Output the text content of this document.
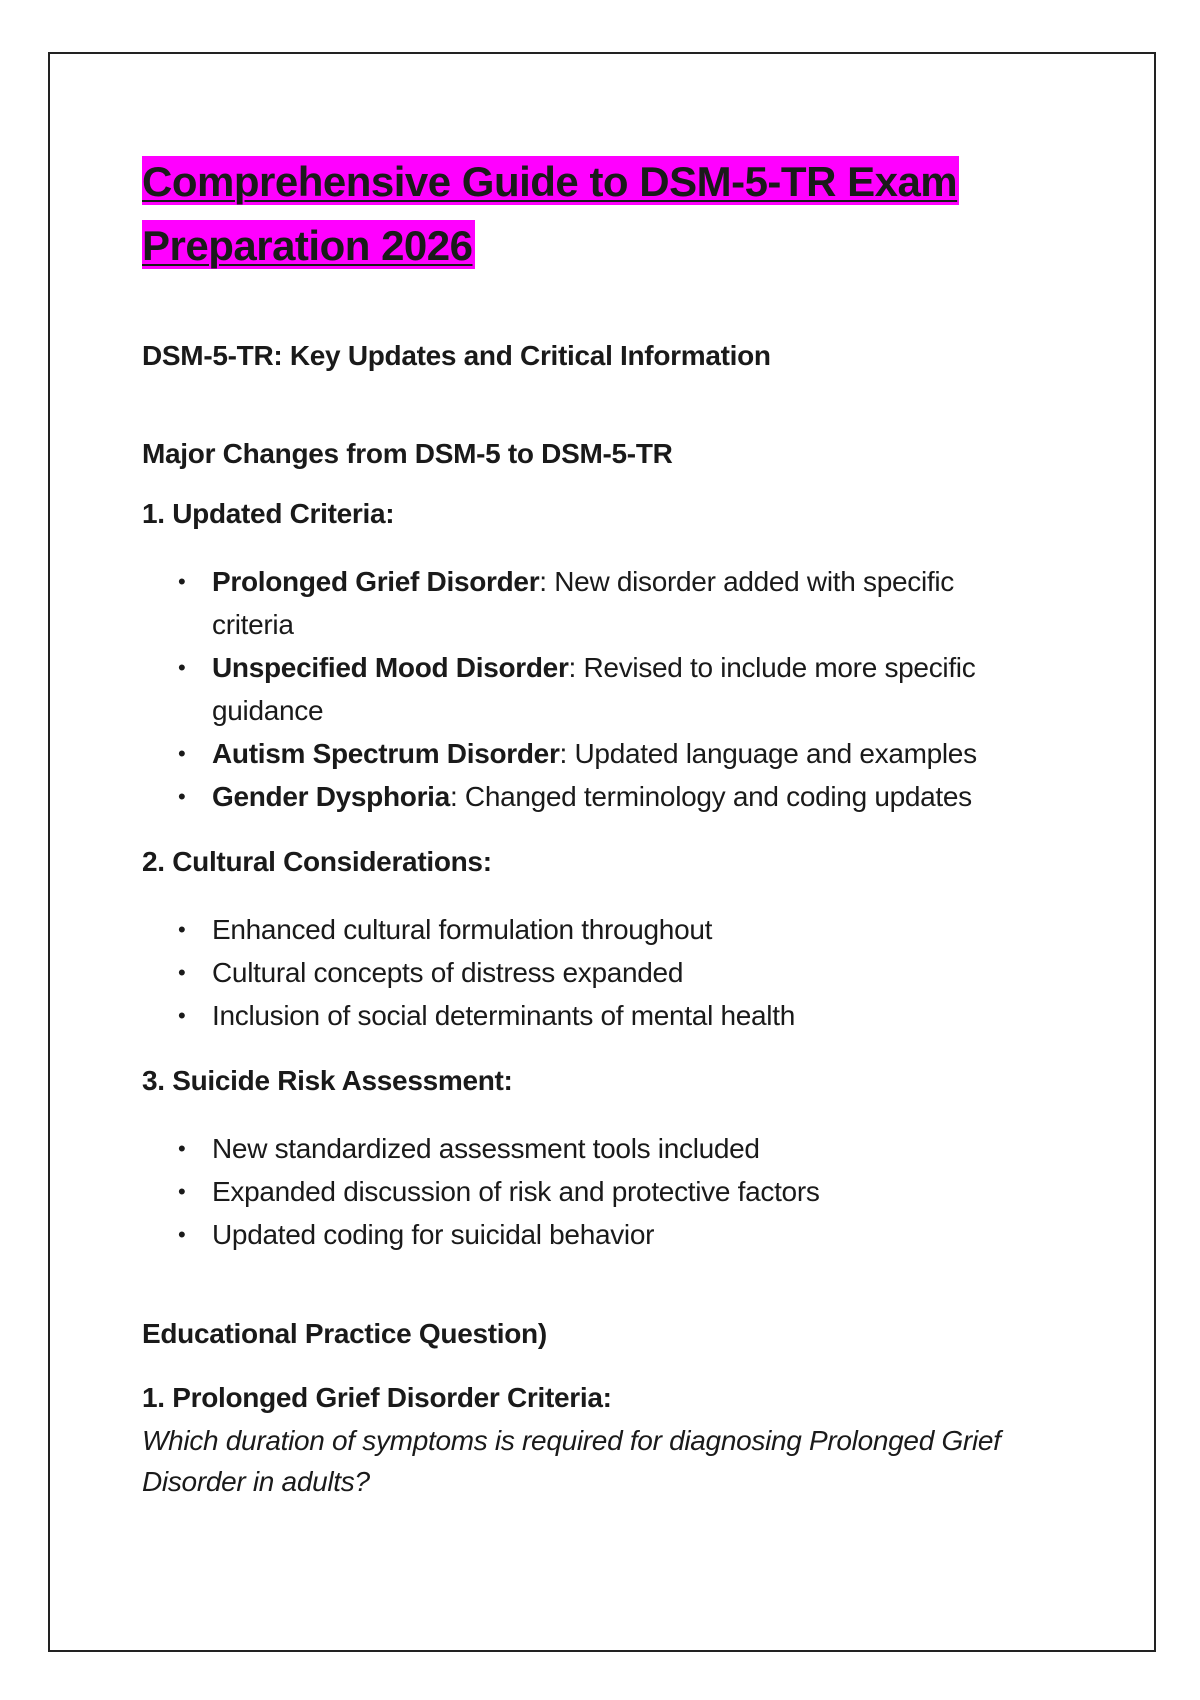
Comprehensive Guide to DSM-5-TR Exam Preparation 2026

DSM-5-TR: Key Updates and Critical Information

Major Changes from DSM-5 to DSM-5-TR

1. Updated Criteria:

• Prolonged Grief Disorder: New disorder added with specific criteria
• Unspecified Mood Disorder: Revised to include more specific guidance
• Autism Spectrum Disorder: Updated language and examples
• Gender Dysphoria: Changed terminology and coding updates

2. Cultural Considerations:

• Enhanced cultural formulation throughout
• Cultural concepts of distress expanded
• Inclusion of social determinants of mental health

3. Suicide Risk Assessment:

• New standardized assessment tools included
• Expanded discussion of risk and protective factors
• Updated coding for suicidal behavior

Educational Practice Question)

1. Prolonged Grief Disorder Criteria:

Which duration of symptoms is required for diagnosing Prolonged Grief Disorder in adults?
